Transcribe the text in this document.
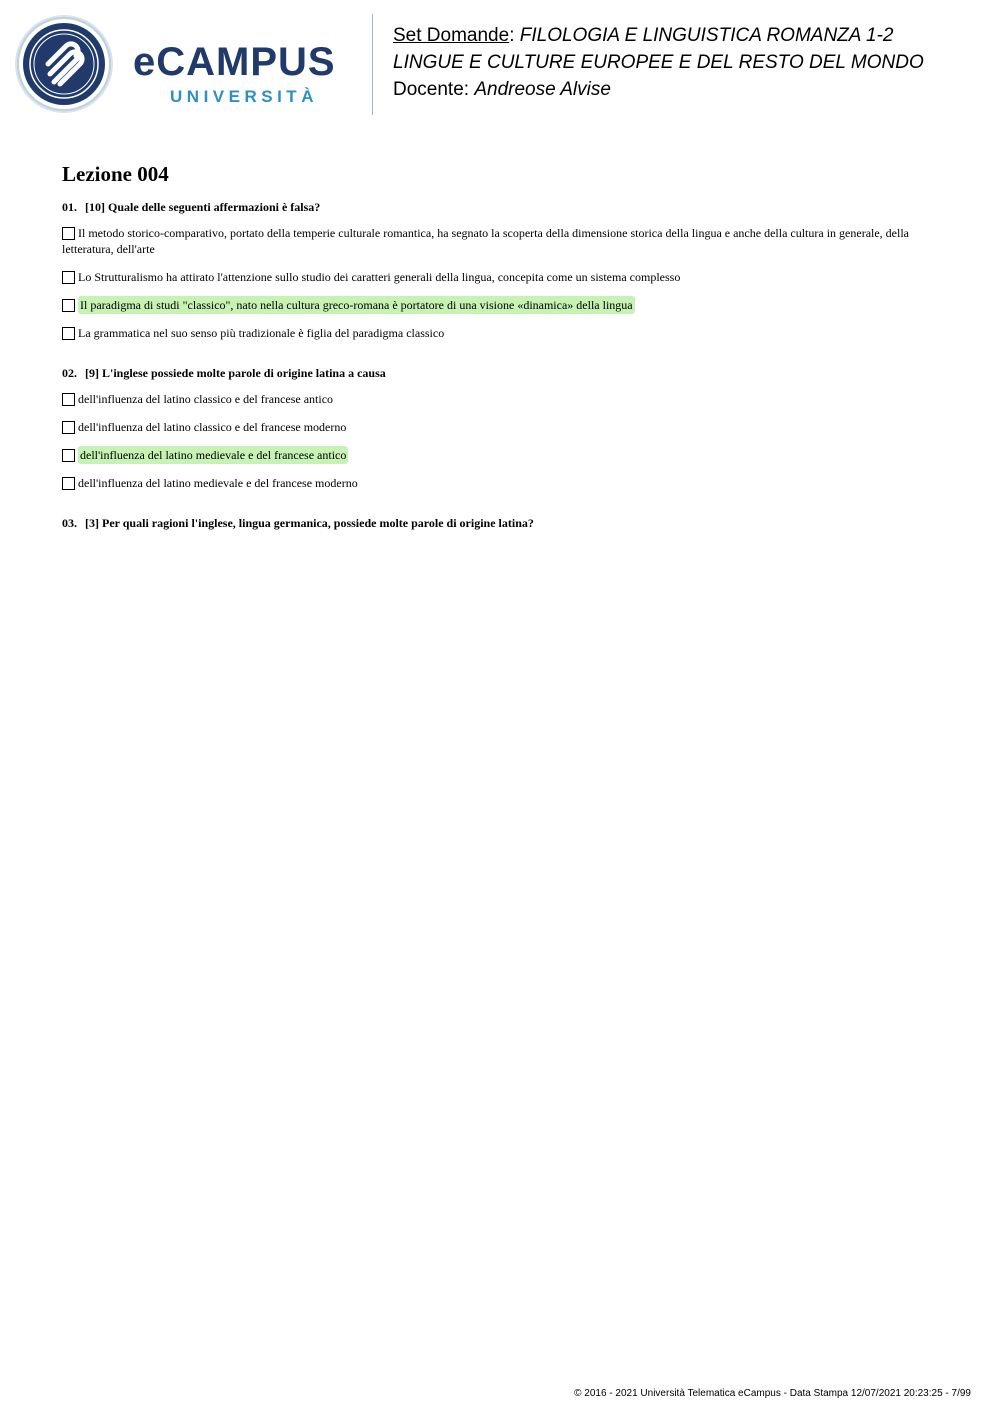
eCAMPUS
UNIVERSITÀ
Set Domande: FILOLOGIA E LINGUISTICA ROMANZA 1-2
LINGUE E CULTURE EUROPEE E DEL RESTO DEL MONDO
Docente: Andreose Alvise
Lezione 004
01. [10] Quale delle seguenti affermazioni è falsa?
Il metodo storico-comparativo, portato della temperie culturale romantica, ha segnato la scoperta della dimensione storica della lingua e anche della cultura in generale, della letteratura, dell'arte
Lo Strutturalismo ha attirato l'attenzione sullo studio dei caratteri generali della lingua, concepita come un sistema complesso
Il paradigma di studi "classico", nato nella cultura greco-romana è portatore di una visione «dinamica» della lingua
La grammatica nel suo senso più tradizionale è figlia del paradigma classico
02. [9] L'inglese possiede molte parole di origine latina a causa
dell'influenza del latino classico e del francese antico
dell'influenza del latino classico e del francese moderno
dell'influenza del latino medievale e del francese antico
dell'influenza del latino medievale e del francese moderno
03. [3] Per quali ragioni l'inglese, lingua germanica, possiede molte parole di origine latina?
© 2016 - 2021 Università Telematica eCampus - Data Stampa 12/07/2021 20:23:25 - 7/99
